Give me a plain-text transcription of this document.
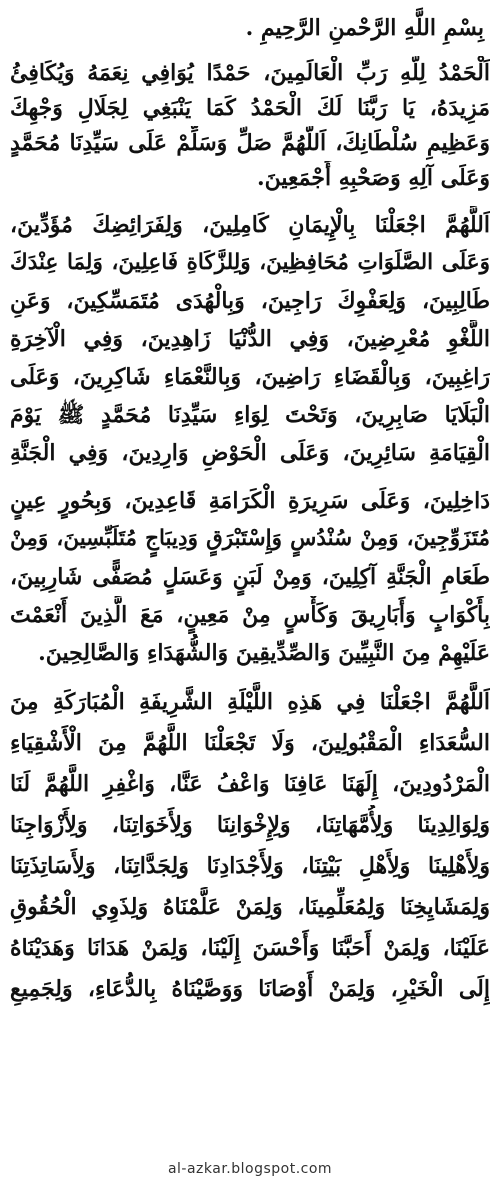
بِسْمِ اللَّهِ الرَّحْمنِ الرَّحِيمِ .
اَلْحَمْدُ لِلَّهِ رَبِّ الْعَالَمِينَ، حَمْدًا يُوَافِي نِعَمَهُ وَيُكَافِئُ
مَزِيدَهُ، يَا رَبَّنَا لَكَ الْحَمْدُ كَمَا يَنْبَغِي لِجَلَالِ وَجْهِكَ
وَعَظِيمِ سُلْطَانِكَ، اَللَّهُمَّ صَلِّ وَسَلِّمْ عَلَى سَيِّدِنَا مُحَمَّدٍ
وَعَلَى آلِهِ وَصَحْبِهِ أَجْمَعِينَ.
اَللَّهُمَّ اجْعَلْنَا بِالْإِيمَانِ كَامِلِينَ، وَلِفَرَائِضِكَ مُؤَدِّينَ،
وَعَلَى الصَّلَوَاتِ مُحَافِظِينَ، وَلِلزَّكَاةِ فَاعِلِينَ، وَلِمَا عِنْدَكَ
طَالِبِينَ، وَلِعَفْوِكَ رَاجِينَ، وَبِالْهُدَى مُتَمَسِّكِينَ، وَعَنِ
اللَّغْوِ مُعْرِضِينَ، وَفِي الدُّنْيَا زَاهِدِينَ، وَفِي الْآخِرَةِ
رَاغِبِينَ، وَبِالْقَضَاءِ رَاضِينَ، وَبِالنَّعْمَاءِ شَاكِرِينَ، وَعَلَى
الْبَلَايَا صَابِرِينَ، وَتَحْتَ لِوَاءِ سَيِّدِنَا مُحَمَّدٍ ﷺ يَوْمَ
الْقِيَامَةِ سَائِرِينَ، وَعَلَى الْحَوْضِ وَارِدِينَ، وَفِي الْجَنَّةِ
دَاخِلِينَ، وَعَلَى سَرِيرَةِ الْكَرَامَةِ قَاعِدِينَ، وَبِحُورٍ عِينٍ
مُتَزَوِّجِينَ، وَمِنْ سُنْدُسٍ وَإِسْتَبْرَقٍ وَدِيبَاجٍ مُتَلَبِّسِينَ، وَمِنْ
طَعَامِ الْجَنَّةِ آكِلِينَ، وَمِنْ لَبَنٍ وَعَسَلٍ مُصَفًّى شَارِبِينَ،
بِأَكْوَابٍ وَأَبَارِيقَ وَكَأْسٍ مِنْ مَعِينٍ، مَعَ الَّذِينَ أَنْعَمْتَ
عَلَيْهِمْ مِنَ النَّبِيِّينَ وَالصِّدِّيقِينَ وَالشُّهَدَاءِ وَالصَّالِحِينَ.
اَللَّهُمَّ اجْعَلْنَا فِي هَذِهِ اللَّيْلَةِ الشَّرِيفَةِ الْمُبَارَكَةِ مِنَ
السُّعَدَاءِ الْمَقْبُولِينَ، وَلَا تَجْعَلْنَا اللَّهُمَّ مِنَ الْأَشْقِيَاءِ
الْمَرْدُودِينَ، إِلَهَنَا عَافِنَا وَاعْفُ عَنَّا، وَاغْفِرِ اللَّهُمَّ لَنَا
وَلِوَالِدِينَا وَلِأُمَّهَاتِنَا، وَلِإِخْوَانِنَا وَلِأَخَوَاتِنَا، وَلِأَزْوَاجِنَا
وَلِأَهْلِينَا وَلِأَهْلِ بَيْتِنَا، وَلِأَجْدَادِنَا وَلِجَدَّاتِنَا، وَلِأَسَاتِذَتِنَا
وَلِمَشَايِخِنَا وَلِمُعَلِّمِينَا، وَلِمَنْ عَلَّمْنَاهُ وَلِذَوِي الْحُقُوقِ
عَلَيْنَا، وَلِمَنْ أَحَبَّنَا وَأَحْسَنَ إِلَيْنَا، وَلِمَنْ هَدَانَا وَهَدَيْنَاهُ
إِلَى الْخَيْرِ، وَلِمَنْ أَوْصَانَا وَوَصَّيْنَاهُ بِالدُّعَاءِ، وَلِجَمِيعِ
al-azkar.blogspot.com
